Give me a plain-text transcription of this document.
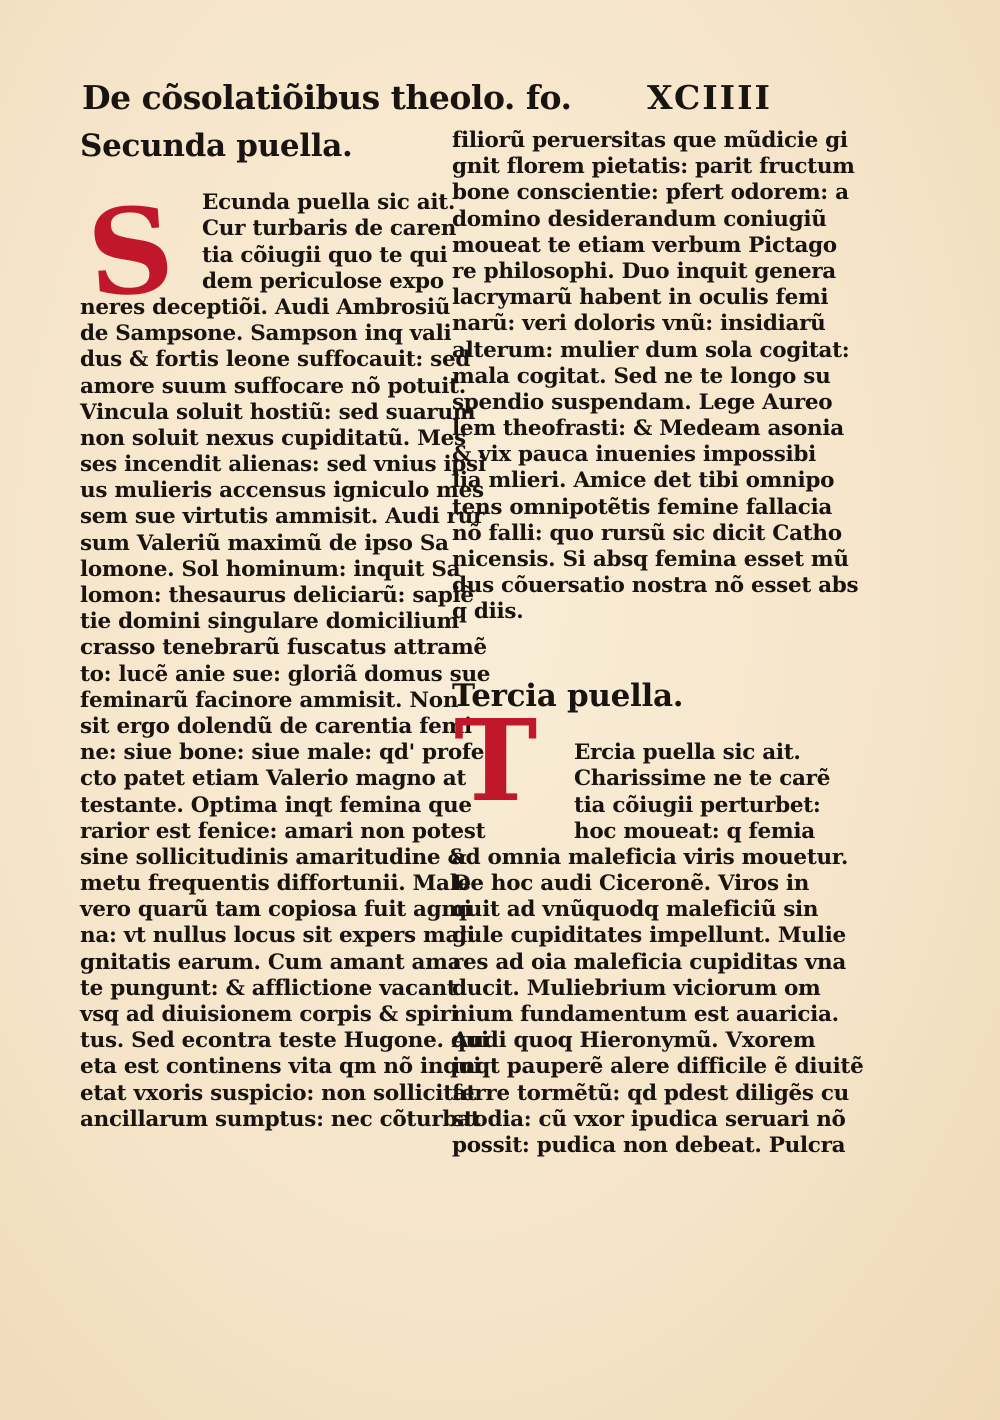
De cõsolatiõibus theolo. fo. XCIIII
Secunda puella.
S	Ecunda puella sic ait.
Cur turbaris de caren
tia cõiugii quo te qui
dem periculose expo
neres deceptiõi. Audi Ambrosiũ
de Sampsone. Sampson inq vali
dus & fortis leone suffocauit: sed
amore suum suffocare nõ potuit.
Vincula soluit hostiũ: sed suarum
non soluit nexus cupiditatũ. Mes
ses incendit alienas: sed vnius ipsi
us mulieris accensus igniculo mes
sem sue virtutis ammisit. Audi rur
sum Valeriũ maximũ de ipso Sa
lomone. Sol hominum: inquit Sa
lomon: thesaurus deliciarũ: sapiẽ
tie domini singulare domicilium
crasso tenebrarũ fuscatus attramẽ
to: lucẽ anie sue: gloriã domus sue
feminarũ facinore ammisit. Non
sit ergo dolendũ de carentia femi
ne: siue bone: siue male: qd' profe
cto patet etiam Valerio magno at
testante. Optima inqt femina que
rarior est fenice: amari non potest
sine sollicitudinis amaritudine &
metu frequentis diffortunii. Male
vero quarũ tam copiosa fuit agmi
na: vt nullus locus sit expers mali
gnitatis earum. Cum amant ama
te pungunt: & afflictione vacant
vsq ad diuisionem corpis & spiri
tus. Sed econtra teste Hugone. qui
eta est continens vita qm nõ inqui
etat vxoris suspicio: non sollicitat
ancillarum sumptus: nec cõturbat
filiorũ peruersitas que mũdicie gi
gnit florem pietatis: parit fructum
bone conscientie: pfert odorem: a
domino desiderandum coniugiũ
moueat te etiam verbum Pictago
re philosophi. Duo inquit genera
lacrymarũ habent in oculis femi
narũ: veri doloris vnũ: insidiarũ
alterum: mulier dum sola cogitat:
mala cogitat. Sed ne te longo su
spendio suspendam. Lege Aureo
lem theofrasti: & Medeam asonia
& vix pauca inuenies impossibi
lia mlieri. Amice det tibi omnipo
tens omnipotẽtis femine fallacia
nõ falli: quo rursũ sic dicit Catho
nicensis. Si absq femina esset mũ
dus cõuersatio nostra nõ esset abs
q diis.
Tercia puella.
T	Ercia puella sic ait.
Charissime ne te carẽ
tia cõiugii perturbet:
hoc moueat: q femia
ad omnia maleficia viris mouetur.
De hoc audi Ciceronẽ. Viros in
quit ad vnũquodq maleficiũ sin
gule cupiditates impellunt. Mulie
res ad oia maleficia cupiditas vna
ducit. Muliebrium viciorum om
nium fundamentum est auaricia.
Audi quoq Hieronymũ. Vxorem
inqt pauperẽ alere difficile ẽ diuitẽ
ferre tormẽtũ: qd pdest diligẽs cu
stodia: cũ vxor ipudica seruari nõ
possit: pudica non debeat. Pulcra
